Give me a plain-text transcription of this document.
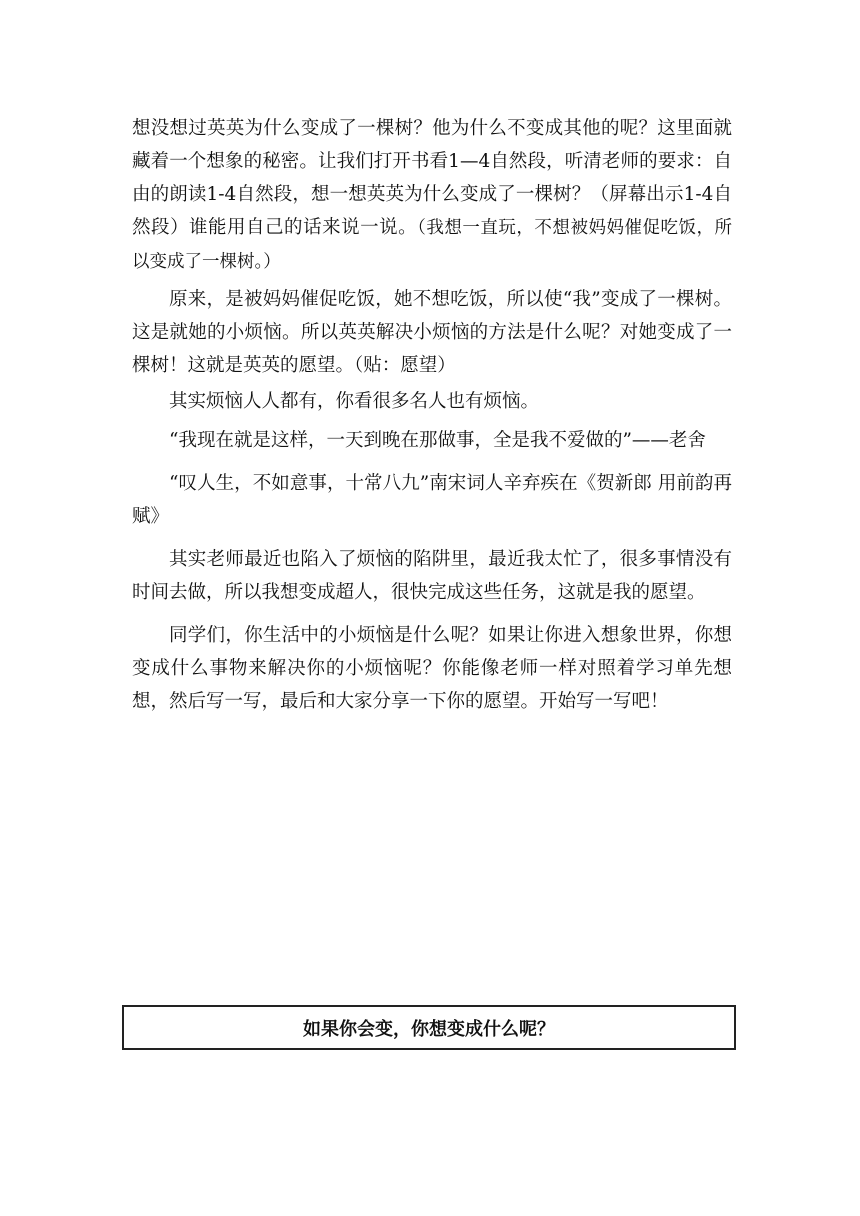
想没想过英英为什么变成了一棵树？他为什么不变成其他的呢？这里面就藏着一个想象的秘密。让我们打开书看1—4自然段，听清老师的要求：自由的朗读1-4自然段，想一想英英为什么变成了一棵树？（屏幕出示1-4自然段）谁能用自己的话来说一说。（我想一直玩，不想被妈妈催促吃饭，所以变成了一棵树。）

原来，是被妈妈催促吃饭，她不想吃饭，所以使“我”变成了一棵树。这是就她的小烦恼。所以英英解决小烦恼的方法是什么呢？对她变成了一棵树！这就是英英的愿望。（贴：愿望）

其实烦恼人人都有，你看很多名人也有烦恼。

“我现在就是这样，一天到晚在那做事，全是我不爱做的”——老舍

“叹人生，不如意事，十常八九”南宋词人辛弃疾在《贺新郎 用前韵再赋》

其实老师最近也陷入了烦恼的陷阱里，最近我太忙了，很多事情没有时间去做，所以我想变成超人，很快完成这些任务，这就是我的愿望。

同学们，你生活中的小烦恼是什么呢？如果让你进入想象世界，你想变成什么事物来解决你的小烦恼呢？你能像老师一样对照着学习单先想想，然后写一写，最后和大家分享一下你的愿望。开始写一写吧！

如果你会变，你想变成什么呢？
